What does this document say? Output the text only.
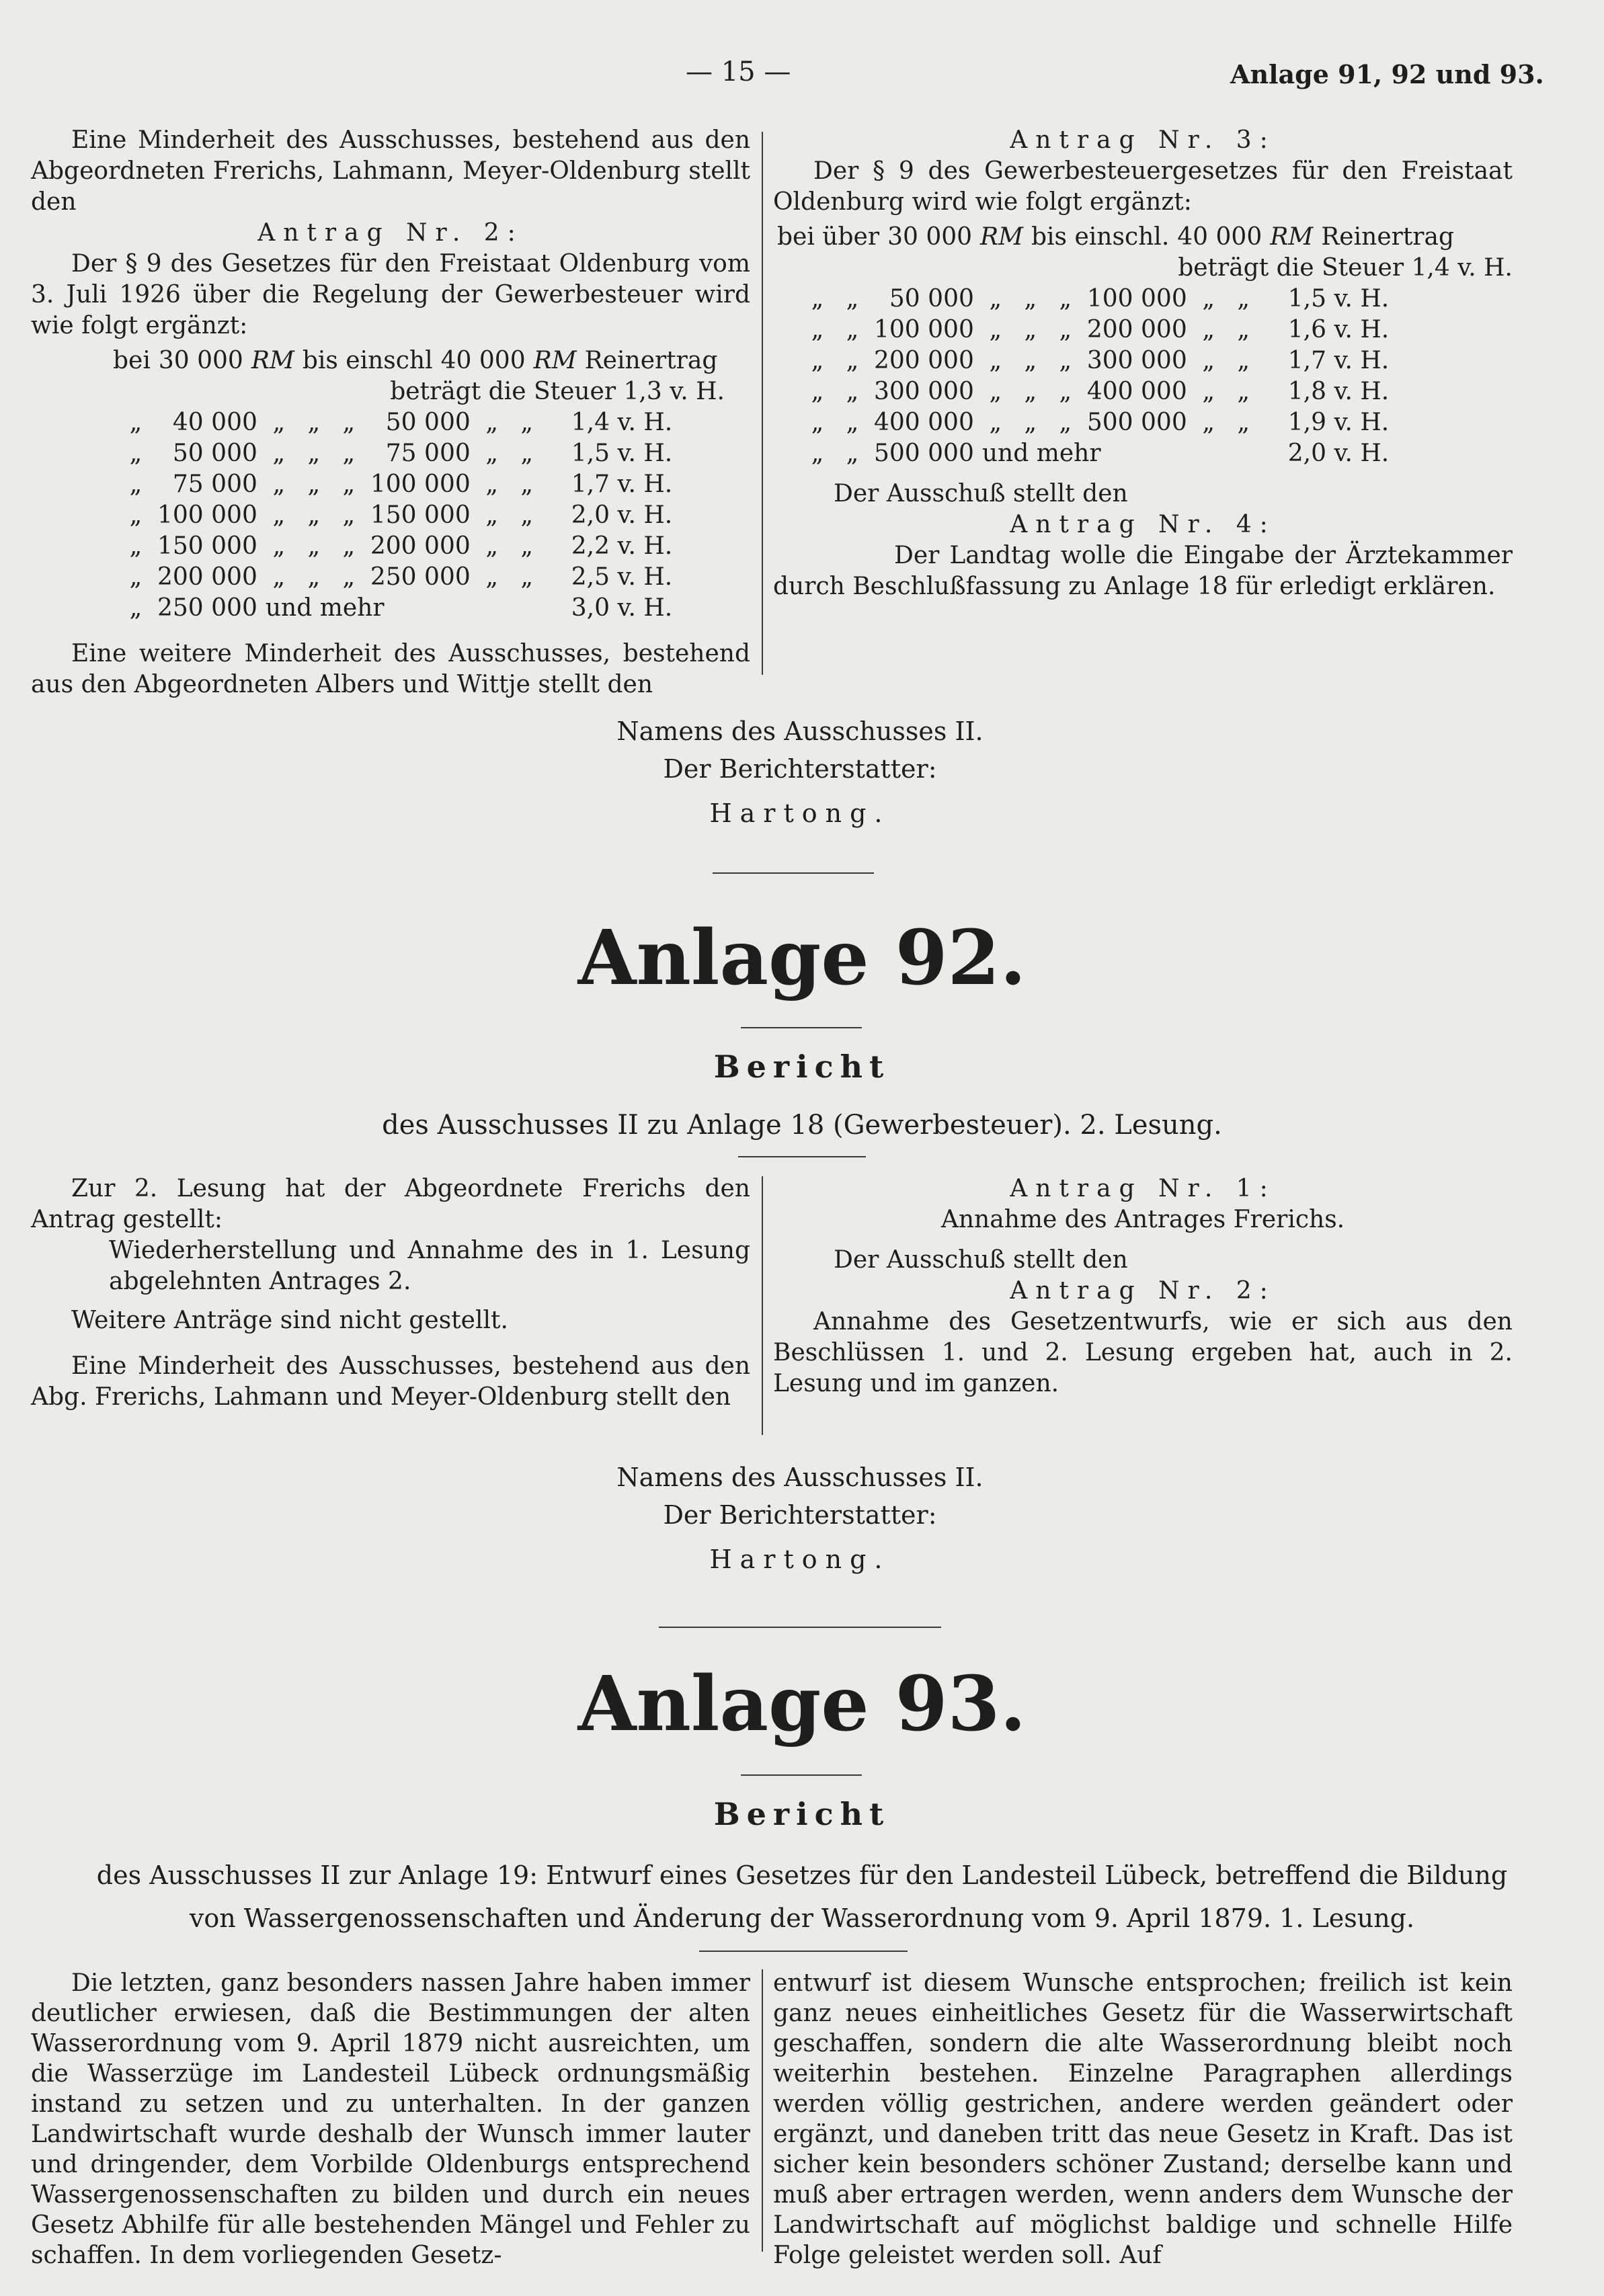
— 15 —	Anlage 91, 92 und 93.

Eine Minderheit des Ausschusses, bestehend aus den Abgeordneten Frerichs, Lahmann, Meyer-Oldenburg stellt den

Antrag Nr. 2:

Der § 9 des Gesetzes für den Freistaat Oldenburg vom 3. Juli 1926 über die Regelung der Gewerbesteuer wird wie folgt ergänzt:

bei	30 000	RM	bis einschl	40 000	RM	Reinertrag
beträgt die Steuer 1,3 v. H.
„	40 000	„	„	„	50 000	„	„	1,4 v. H.
„	50 000	„	„	„	75 000	„	„	1,5 v. H.
„	75 000	„	„	„	100 000	„	„	1,7 v. H.
„	100 000	„	„	„	150 000	„	„	2,0 v. H.
„	150 000	„	„	„	200 000	„	„	2,2 v. H.
„	200 000	„	„	„	250 000	„	„	2,5 v. H.
„	250 000	und mehr						3,0 v. H.

Eine weitere Minderheit des Ausschusses, bestehend aus den Abgeordneten Albers und Wittje stellt den

Antrag Nr. 3:

Der § 9 des Gewerbesteuergesetzes für den Freistaat Oldenburg wird wie folgt ergänzt:

bei über	30 000	RM	bis einschl.	40 000	RM	Reinertrag
beträgt die Steuer 1,4 v. H.
„	„	50 000	„	„	„	100 000	„	„	1,5 v. H.
„	„	100 000	„	„	„	200 000	„	„	1,6 v. H.
„	„	200 000	„	„	„	300 000	„	„	1,7 v. H.
„	„	300 000	„	„	„	400 000	„	„	1,8 v. H.
„	„	400 000	„	„	„	500 000	„	„	1,9 v. H.
„	„	500 000	und mehr						2,0 v. H.
Der Ausschuß stellt den
Antrag Nr. 4:

Der Landtag wolle die Eingabe der Ärztekammer durch Beschlußfassung zu Anlage 18 für erledigt erklären.

Namens des Ausschusses II.
Der Berichterstatter:
Hartong.
Anlage 92.
Bericht
des Ausschusses II zu Anlage 18 (Gewerbesteuer). 2. Lesung.

Zur 2. Lesung hat der Abgeordnete Frerichs den Antrag gestellt:

Wiederherstellung und Annahme des in 1. Lesung abgelehnten Antrages 2.

Weitere Anträge sind nicht gestellt.

Eine Minderheit des Ausschusses, bestehend aus den Abg. Frerichs, Lahmann und Meyer-Oldenburg stellt den

Antrag Nr. 1:
Annahme des Antrages Frerichs.
Der Ausschuß stellt den
Antrag Nr. 2:

Annahme des Gesetzentwurfs, wie er sich aus den Beschlüssen 1. und 2. Lesung ergeben hat, auch in 2. Lesung und im ganzen.

Namens des Ausschusses II.
Der Berichterstatter:
Hartong.
Anlage 93.
Bericht
des Ausschusses II zur Anlage 19: Entwurf eines Gesetzes für den Landesteil Lübeck, betreffend die Bildung
von Wassergenossenschaften und Änderung der Wasserordnung vom 9. April 1879. 1. Lesung.

Die letzten, ganz besonders nassen Jahre haben immer deutlicher erwiesen, daß die Bestimmungen der alten Wasserordnung vom 9. April 1879 nicht ausreichten, um die Wasserzüge im Landesteil Lübeck ordnungsmäßig instand zu setzen und zu unterhalten. In der ganzen Landwirtschaft wurde deshalb der Wunsch immer lauter und dringender, dem Vorbilde Oldenburgs entsprechend Wassergenossenschaften zu bilden und durch ein neues Gesetz Abhilfe für alle bestehenden Mängel und Fehler zu schaffen. In dem vorliegenden Gesetz-

entwurf ist diesem Wunsche entsprochen; freilich ist kein ganz neues einheitliches Gesetz für die Wasserwirtschaft geschaffen, sondern die alte Wasserordnung bleibt noch weiterhin bestehen. Einzelne Paragraphen allerdings werden völlig gestrichen, andere werden geändert oder ergänzt, und daneben tritt das neue Gesetz in Kraft. Das ist sicher kein besonders schöner Zustand; derselbe kann und muß aber ertragen werden, wenn anders dem Wunsche der Landwirtschaft auf möglichst baldige und schnelle Hilfe Folge geleistet werden soll. Auf
